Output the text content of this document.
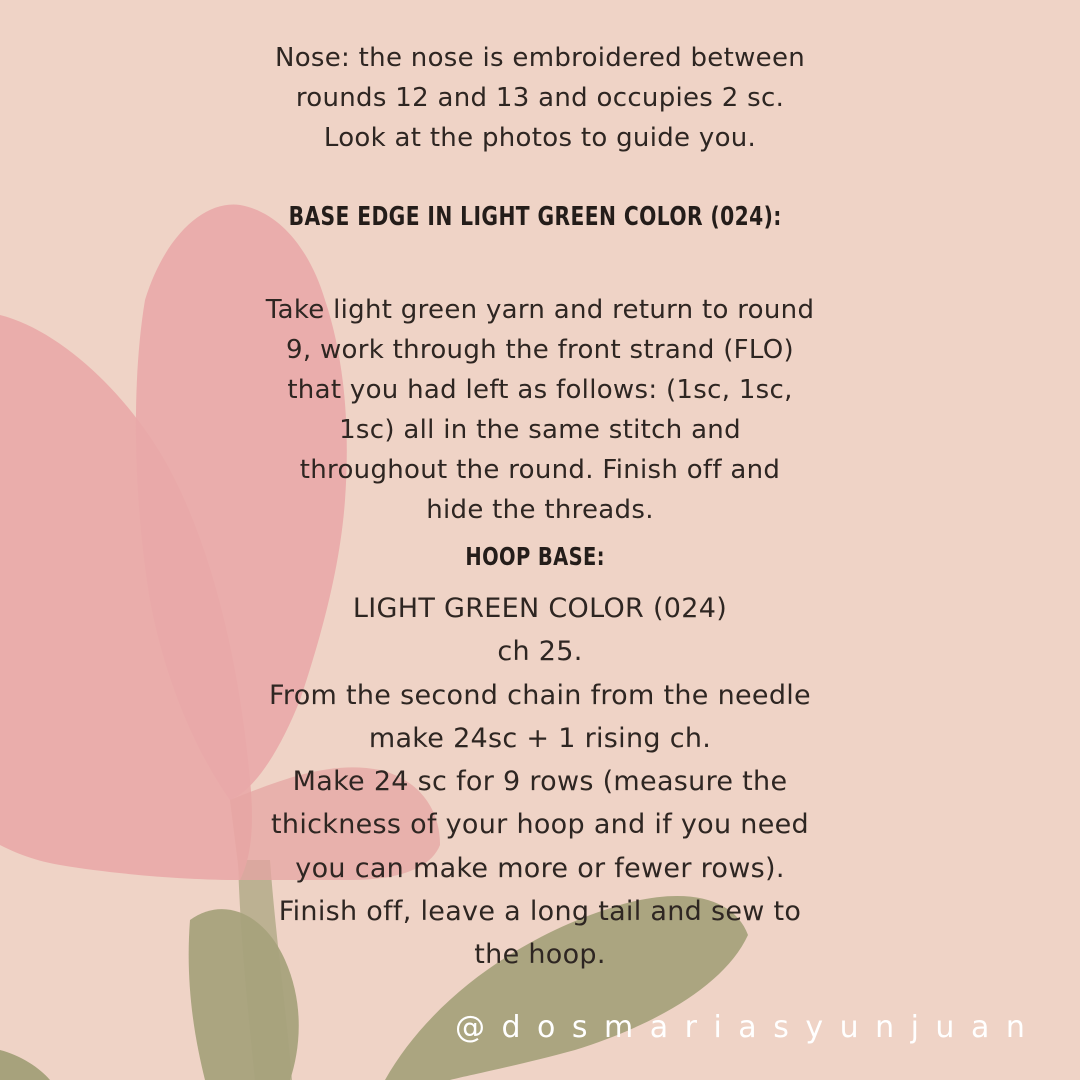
Nose: the nose is embroidered between
rounds 12 and 13 and occupies 2 sc.
Look at the photos to guide you.

BASE EDGE IN LIGHT GREEN COLOR (024):

Take light green yarn and return to round
9, work through the front strand (FLO)
that you had left as follows: (1sc, 1sc,
1sc) all in the same stitch and
throughout the round. Finish off and
hide the threads.

HOOP BASE:

LIGHT GREEN COLOR (024)
ch 25.
From the second chain from the needle
make 24sc + 1 rising ch.
Make 24 sc for 9 rows (measure the
thickness of your hoop and if you need
you can make more or fewer rows).
Finish off, leave a long tail and sew to
the hoop.

@dosmariasyunjuan
